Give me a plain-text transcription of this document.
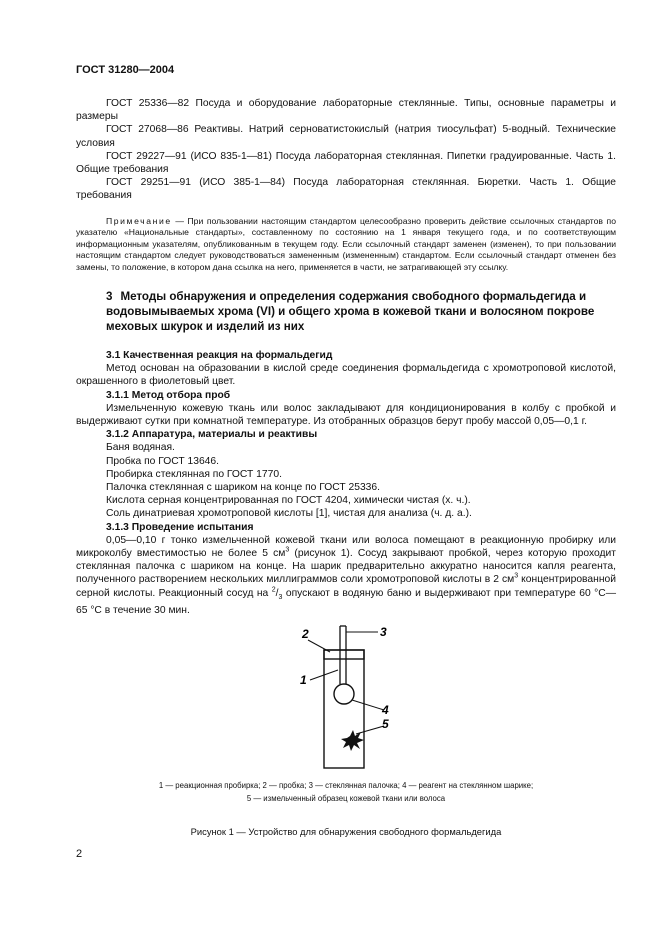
ГОСТ 31280—2004

ГОСТ 25336—82 Посуда и оборудование лабораторные стеклянные. Типы, основные параметры и размеры

ГОСТ 27068—86 Реактивы. Натрий серноватистокислый (натрия тиосульфат) 5-водный. Технические условия

ГОСТ 29227—91 (ИСО 835-1—81) Посуда лабораторная стеклянная. Пипетки градуированные. Часть 1. Общие требования

ГОСТ 29251—91 (ИСО 385-1—84) Посуда лабораторная стеклянная. Бюретки. Часть 1. Общие требования

Примечание — При пользовании настоящим стандартом целесообразно проверить действие ссылочных стандартов по указателю «Национальные стандарты», составленному по состоянию на 1 января текущего года, и по соответствующим информационным указателям, опубликованным в текущем году. Если ссылочный стандарт заменен (изменен), то при пользовании настоящим стандартом следует руководствоваться замененным (измененным) стандартом. Если ссылочный стандарт отменен без замены, то положение, в котором дана ссылка на него, применяется в части, не затрагивающей эту ссылку.

3 Методы обнаружения и определения содержания свободного формальдегида и водовымываемых хрома (VI) и общего хрома в кожевой ткани и волосяном покрове меховых шкурок и изделий из них

3.1 Качественная реакция на формальдегид

Метод основан на образовании в кислой среде соединения формальдегида с хромотроповой кислотой, окрашенного в фиолетовый цвет.

3.1.1 Метод отбора проб

Измельченную кожевую ткань или волос закладывают для кондиционирования в колбу с пробкой и выдерживают сутки при комнатной температуре. Из отобранных образцов берут пробу массой 0,05—0,1 г.

3.1.2 Аппаратура, материалы и реактивы

Баня водяная.

Пробка по ГОСТ 13646.

Пробирка стеклянная по ГОСТ 1770.

Палочка стеклянная с шариком на конце по ГОСТ 25336.

Кислота серная концентрированная по ГОСТ 4204, химически чистая (х. ч.).

Соль динатриевая хромотроповой кислоты [1], чистая для анализа (ч. д. а.).

3.1.3 Проведение испытания

0,05—0,10 г тонко измельченной кожевой ткани или волоса помещают в реакционную пробирку или микроколбу вместимостью не более 5 $см^3$ (рисунок 1). Сосуд закрывают пробкой, через которую проходит стеклянная палочка с шариком на конце. На шарик предварительно аккуратно наносится капля реагента, полученного растворением нескольких миллиграммов соли хромотроповой кислоты в 2 $см^3$ концентрированной серной кислоты. Реакционный сосуд на $^2/_3$ опускают в водяную баню и выдерживают при температуре 60 °С—65 °С в течение 30 мин.

2	3
1
4
5
1 — реакционная пробирка; 2 — пробка; 3 — стеклянная палочка; 4 — реагент на стеклянном шарике;
5 — измельченный образец кожевой ткани или волоса
Рисунок 1 — Устройство для обнаружения свободного формальдегида
2
